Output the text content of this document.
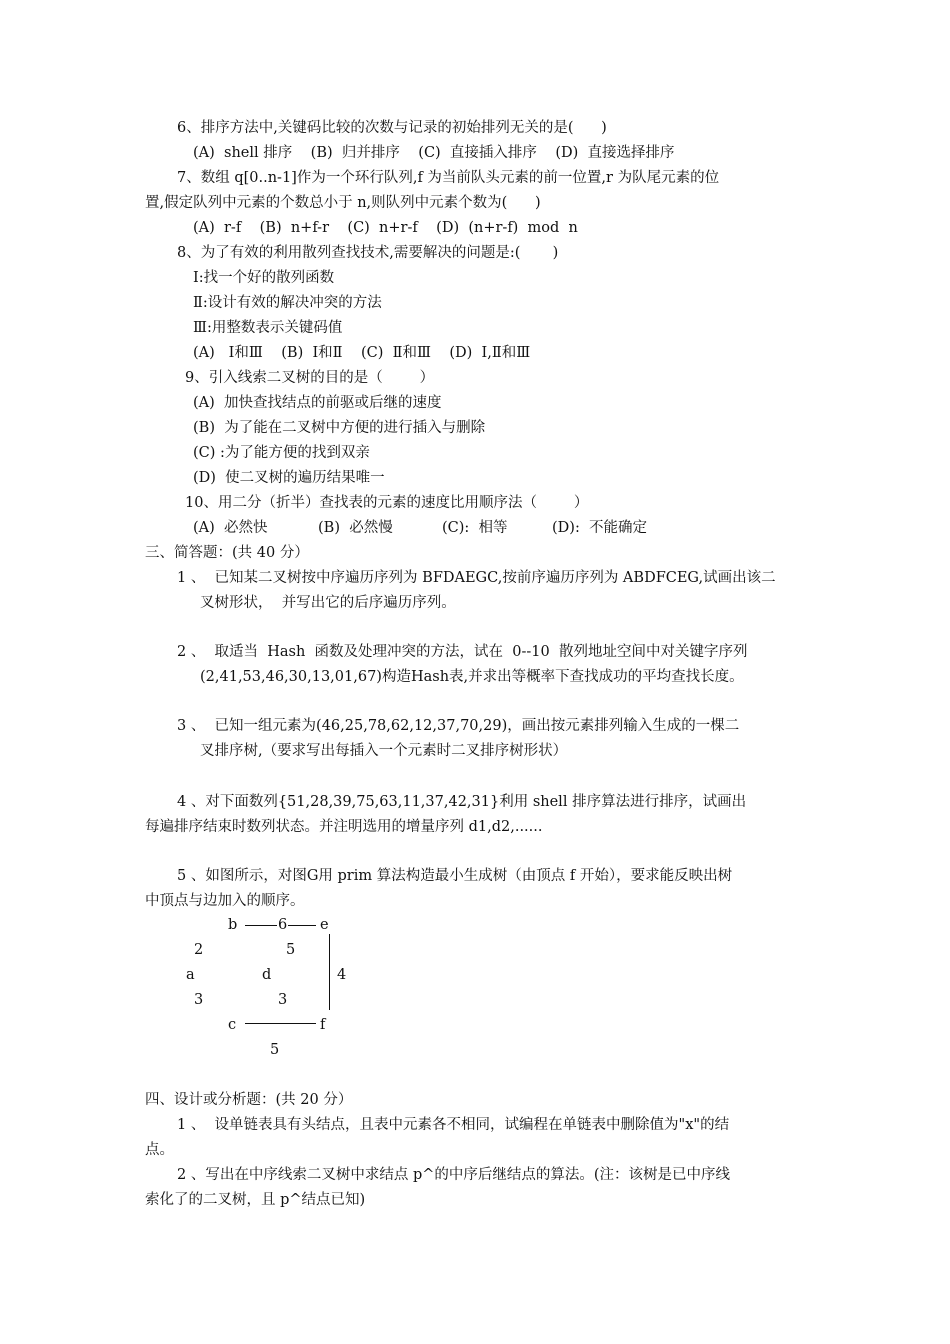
6、排序方法中,关键码比较的次数与记录的初始排列无关的是(      )
(A)  shell 排序    (B)  归并排序    (C)  直接插入排序    (D)  直接选择排序
7、数组 q[0..n-1]作为一个环行队列,f 为当前队头元素的前一位置,r 为队尾元素的位
置,假定队列中元素的个数总小于 n,则队列中元素个数为(      )
(A)  r-f    (B)  n+f-r    (C)  n+r-f    (D)  (n+r-f)  mod  n
8、为了有效的利用散列查找技术,需要解决的问题是:(       )
Ⅰ:找一个好的散列函数
Ⅱ:设计有效的解决冲突的方法
Ⅲ:用整数表示关键码值
(A)   Ⅰ和Ⅲ    (B)  Ⅰ和Ⅱ    (C)  Ⅱ和Ⅲ    (D)  Ⅰ,Ⅱ和Ⅲ
9、引入线索二叉树的目的是（        ）
(A)  加快查找结点的前驱或后继的速度
(B)  为了能在二叉树中方便的进行插入与删除
(C) :为了能方便的找到双亲
(D)  使二叉树的遍历结果唯一
10、用二分（折半）查找表的元素的速度比用顺序法（        ）
(A)  必然快	(B)  必然慢	(C):  相等	(D):  不能确定
三、简答题：(共 40 分）
1 、  已知某二叉树按中序遍历序列为 BFDAEGC,按前序遍历序列为 ABDFCEG,试画出该二
叉树形状，  并写出它的后序遍历序列。
2 、  取适当  Hash  函数及处理冲突的方法，试在  0--10  散列地址空间中对关键字序列
(2,41,53,46,30,13,01,67)构造Hash表,并求出等概率下查找成功的平均查找长度。
3 、  已知一组元素为(46,25,78,62,12,37,70,29)，画出按元素排列输入生成的一棵二
叉排序树,（要求写出每插入一个元素时二叉排序树形状）
4 、对下面数列{51,28,39,75,63,11,37,42,31}利用 shell 排序算法进行排序，试画出
每遍排序结束时数列状态。并注明选用的增量序列 d1,d2,......
5 、如图所示，对图G用 prim 算法构造最小生成树（由顶点 f 开始），要求能反映出树
中顶点与边加入的顺序。
b	e
a	d
c	f
6
2	5
4
3	3
5
四、设计或分析题：(共 20 分）
1 、  设单链表具有头结点，且表中元素各不相同，试编程在单链表中删除值为"x"的结
点。
2 、写出在中序线索二叉树中求结点 p^的中序后继结点的算法。(注：该树是已中序线
索化了的二叉树，且 p^结点已知)
